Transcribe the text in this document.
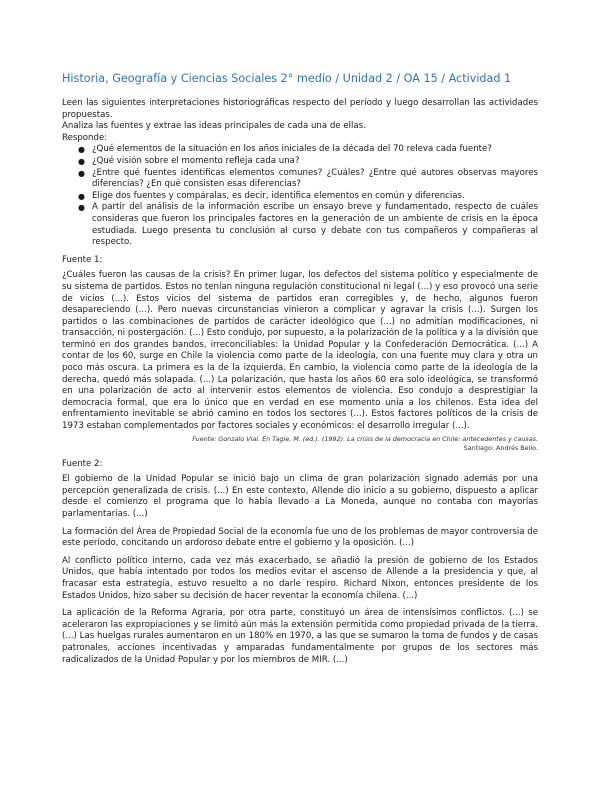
Historia, Geografía y Ciencias Sociales 2° medio / Unidad 2 / OA 15 / Actividad 1

Leen las siguientes interpretaciones historiográficas respecto del período y luego desarrollan las actividades propuestas.

Analiza las fuentes y extrae las ideas principales de cada una de ellas.

Responde:

● ¿Qué elementos de la situación en los años iniciales de la década del 70 releva cada fuente?
● ¿Qué visión sobre el momento refleja cada una?
● ¿Entre qué fuentes identificas elementos comunes? ¿Cuáles? ¿Entre qué autores observas mayores diferencias? ¿En qué consisten esas diferencias?
● Elige dos fuentes y compáralas, es decir, identifica elementos en común y diferencias.
● A partir del análisis de la información escribe un ensayo breve y fundamentado, respecto de cuáles consideras que fueron los principales factores en la generación de un ambiente de crisis en la época estudiada. Luego presenta tu conclusión al curso y debate con tus compañeros y compañeras al respecto.

Fuente 1:

¿Cuáles fueron las causas de la crisis? En primer lugar, los defectos del sistema político y especialmente de su sistema de partidos. Estos no tenían ninguna regulación constitucional ni legal (...) y eso provocó una serie de vicios (...). Estos vicios del sistema de partidos eran corregibles y, de hecho, algunos fueron desapareciendo (...). Pero nuevas circunstancias vinieron a complicar y agravar la crisis (...). Surgen los partidos o las combinaciones de partidos de carácter ideológico que (...) no admitían modificaciones, ni transacción, ni postergación. (...) Esto condujo, por supuesto, a la polarización de la política y a la división que terminó en dos grandes bandos, irreconciliables: la Unidad Popular y la Confederación Democrática. (...) A contar de los 60, surge en Chile la violencia como parte de la ideología, con una fuente muy clara y otra un poco más oscura. La primera es la de la izquierda. En cambio, la violencia como parte de la ideología de la derecha, quedó más solapada. (...) La polarización, que hasta los años 60 era solo ideológica, se transformó en una polarización de acto al intervenir estos elementos de violencia. Eso condujo a desprestigiar la democracia formal, que era lo único que en verdad en ese momento unía a los chilenos. Esta idea del enfrentamiento inevitable se abrió camino en todos los sectores (...). Estos factores políticos de la crisis de 1973 estaban complementados por factores sociales y económicos: el desarrollo irregular (...).

Fuente: Gonzalo Vial. En Tagle, M. (ed.). (1992). La crisis de la democracia en Chile: antecedentes y causas.
Santiago: Andrés Bello.

Fuente 2:

El gobierno de la Unidad Popular se inició bajo un clima de gran polarización signado además por una percepción generalizada de crisis. (...) En este contexto, Allende dio inicio a su gobierno, dispuesto a aplicar desde el comienzo el programa que lo había llevado a La Moneda, aunque no contaba con mayorías parlamentarias. (...)

La formación del Área de Propiedad Social de la economía fue uno de los problemas de mayor controversia de este período, concitando un ardoroso debate entre el gobierno y la oposición. (...)

Al conflicto político interno, cada vez más exacerbado, se añadió la presión de gobierno de los Estados Unidos, que había intentado por todos los medios evitar el ascenso de Allende a la presidencia y que, al fracasar esta estrategia, estuvo resuelto a no darle respiro. Richard Nixon, entonces presidente de los Estados Unidos, hizo saber su decisión de hacer reventar la economía chilena. (...)

La aplicación de la Reforma Agraria, por otra parte, constituyó un área de intensísimos conflictos. (...) se aceleraron las expropiaciones y se limitó aún más la extensión permitida como propiedad privada de la tierra. (...) Las huelgas rurales aumentaron en un 180% en 1970, a las que se sumaron la toma de fundos y de casas patronales, acciones incentivadas y amparadas fundamentalmente por grupos de los sectores más radicalizados de la Unidad Popular y por los miembros de MIR. (...)
